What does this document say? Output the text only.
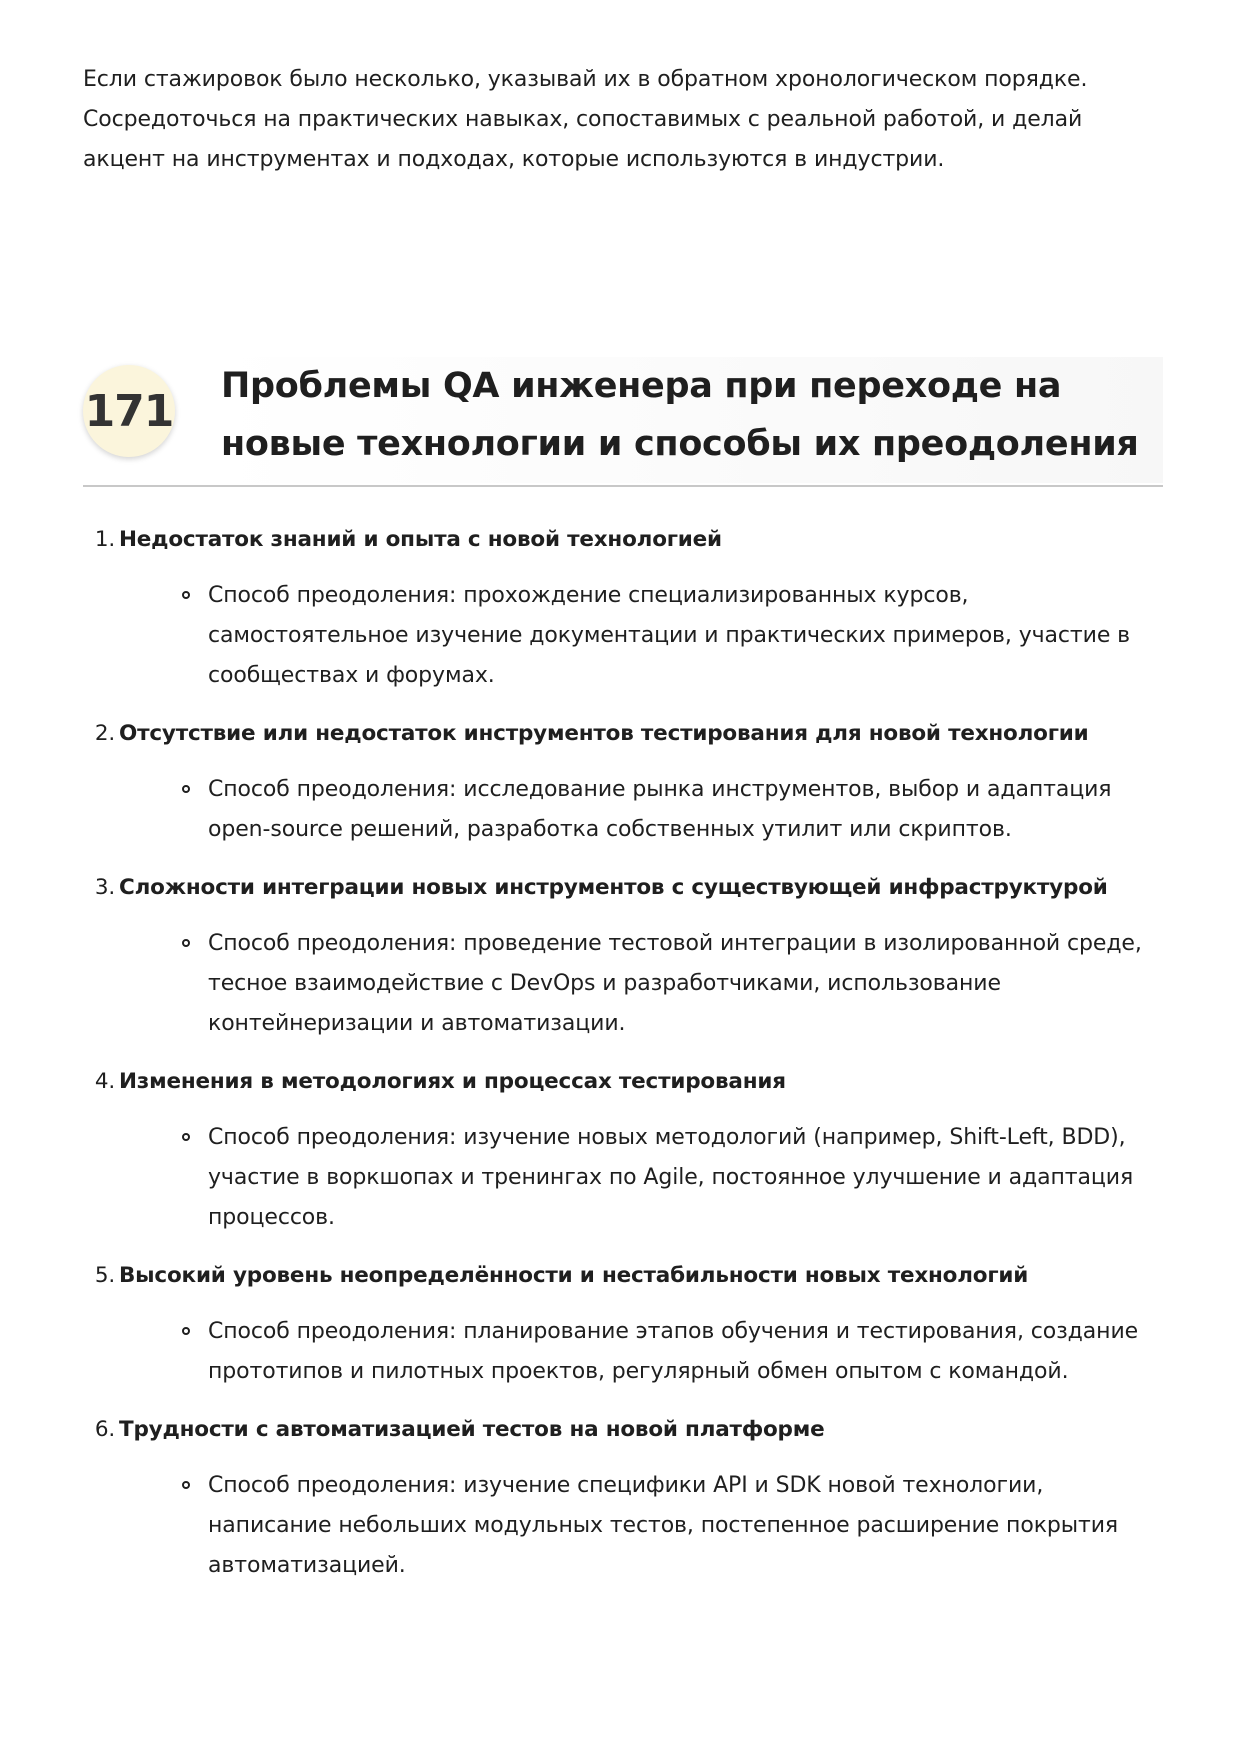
Если стажировок было несколько, указывай их в обратном хронологическом порядке. Сосредоточься на практических навыках, сопоставимых с реальной работой, и делай акцент на инструментах и подходах, которые используются в индустрии.

171 Проблемы QA инженера при переходе на новые технологии и способы их преодоления
1. Недостаток знаний и опыта с новой технологией
Способ преодоления: прохождение специализированных курсов, самостоятельное изучение документации и практических примеров, участие в сообществах и форумах.
2. Отсутствие или недостаток инструментов тестирования для новой технологии
Способ преодоления: исследование рынка инструментов, выбор и адаптация open-source решений, разработка собственных утилит или скриптов.
3. Сложности интеграции новых инструментов с существующей инфраструктурой
Способ преодоления: проведение тестовой интеграции в изолированной среде, тесное взаимодействие с DevOps и разработчиками, использование контейнеризации и автоматизации.
4. Изменения в методологиях и процессах тестирования
Способ преодоления: изучение новых методологий (например, Shift-Left, BDD), участие в воркшопах и тренингах по Agile, постоянное улучшение и адаптация процессов.
5. Высокий уровень неопределённости и нестабильности новых технологий
Способ преодоления: планирование этапов обучения и тестирования, создание прототипов и пилотных проектов, регулярный обмен опытом с командой.
6. Трудности с автоматизацией тестов на новой платформе
Способ преодоления: изучение специфики API и SDK новой технологии, написание небольших модульных тестов, постепенное расширение покрытия автоматизацией.
